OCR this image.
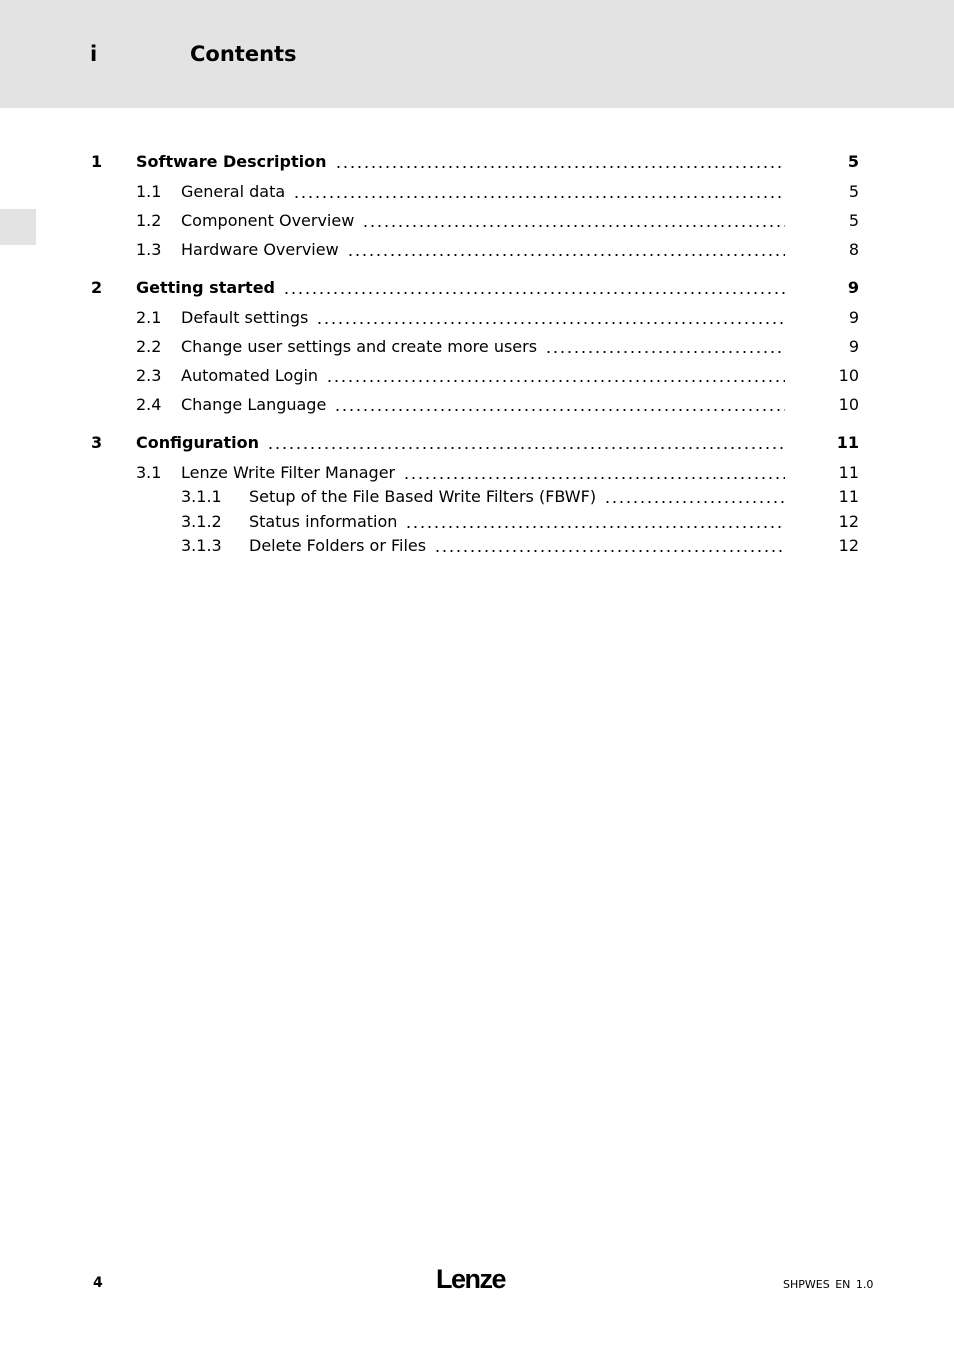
i	Contents
1 Software Description	5
1.1 General data	5
1.2 Component Overview	5
1.3 Hardware Overview	8
2 Getting started	9
2.1 Default settings	9
2.2 Change user settings and create more users	9
2.3 Automated Login	10
2.4 Change Language	10
3 Configuration	11
3.1 Lenze Write Filter Manager	11
3.1.1 Setup of the File Based Write Filters (FBWF)	11
3.1.2 Status information	12
3.1.3 Delete Folders or Files	12
4	Lenze	SHPWES EN 1.0
